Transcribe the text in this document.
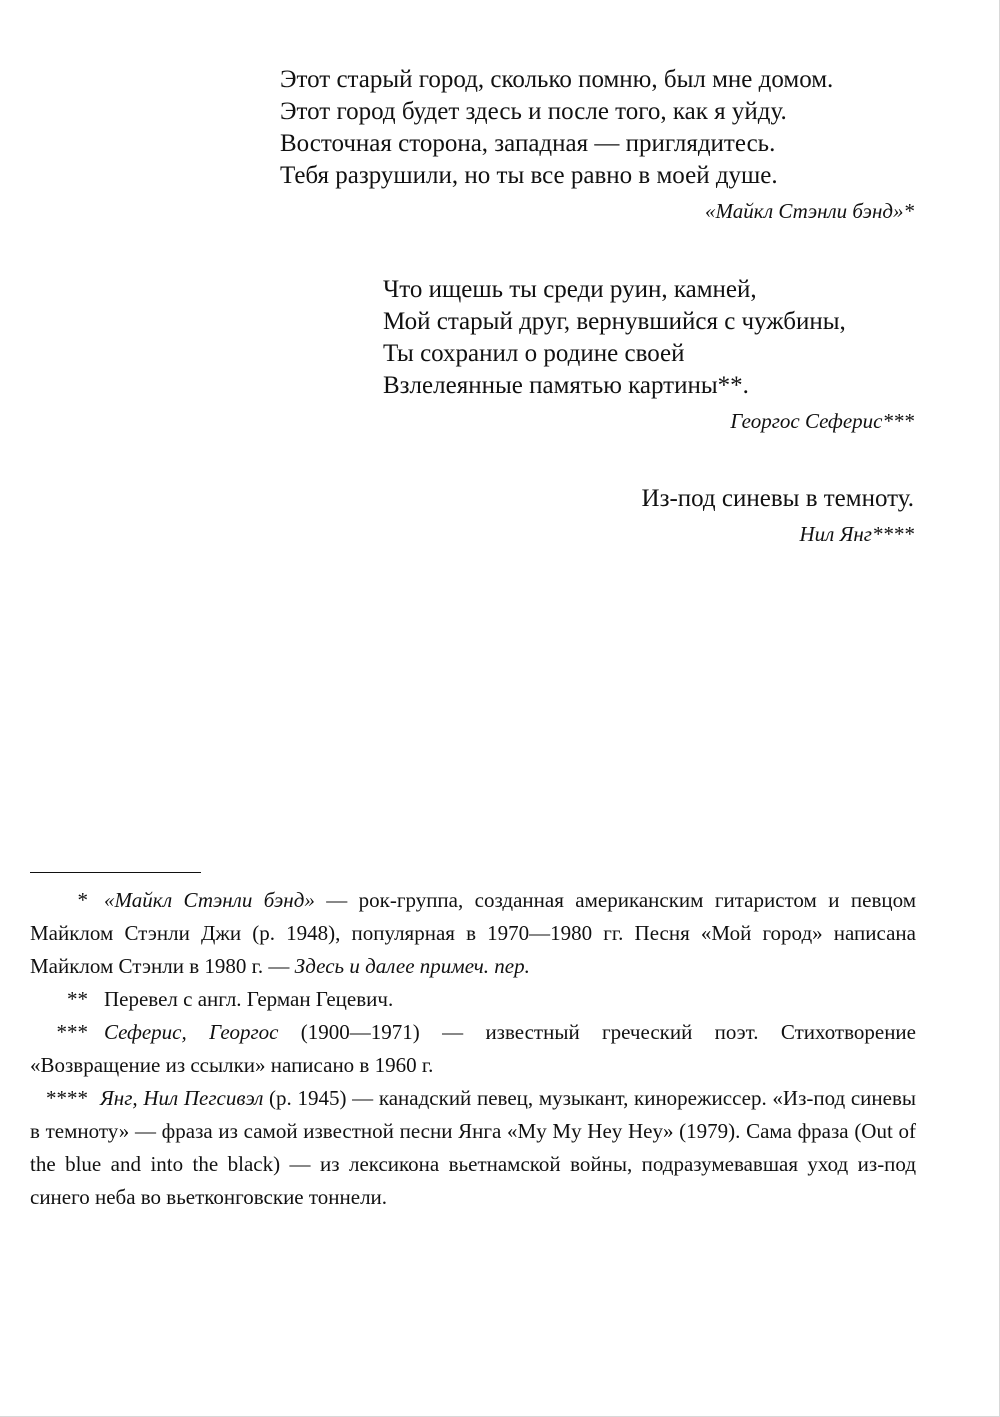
Этот старый город, сколько помню, был мне домом.
Этот город будет здесь и после того, как я уйду.
Восточная сторона, западная — приглядитесь.
Тебя разрушили, но ты все равно в моей душе.
«Майкл Стэнли бэнд»*
Что ищешь ты среди руин, камней,
Мой старый друг, вернувшийся с чужбины,
Ты сохранил о родине своей
Взлелеянные памятью картины**.
Георгос Сеферис***
Из-под синевы в темноту.
Нил Янг****

* «Майкл Стэнли бэнд» — рок-группа, созданная американским гитаристом и певцом Майклом Стэнли Джи (р. 1948), популярная в 1970—1980 гг. Песня «Мой город» написана Майклом Стэнли в 1980 г. — Здесь и далее примеч. пер.

** Перевел с англ. Герман Гецевич.

*** Сеферис, Георгос (1900—1971) — известный греческий поэт. Стихотворение «Возвращение из ссылки» написано в 1960 г.

**** Янг, Нил Пегсивэл (р. 1945) — канадский певец, музыкант, кинорежиссер. «Из-под синевы в темноту» — фраза из самой известной песни Янга «My My Hey Hey» (1979). Сама фраза (Out of the blue and into the black) — из лексикона вьетнамской войны, подразумевавшая уход из-под синего неба во вьетконговские тоннели.
